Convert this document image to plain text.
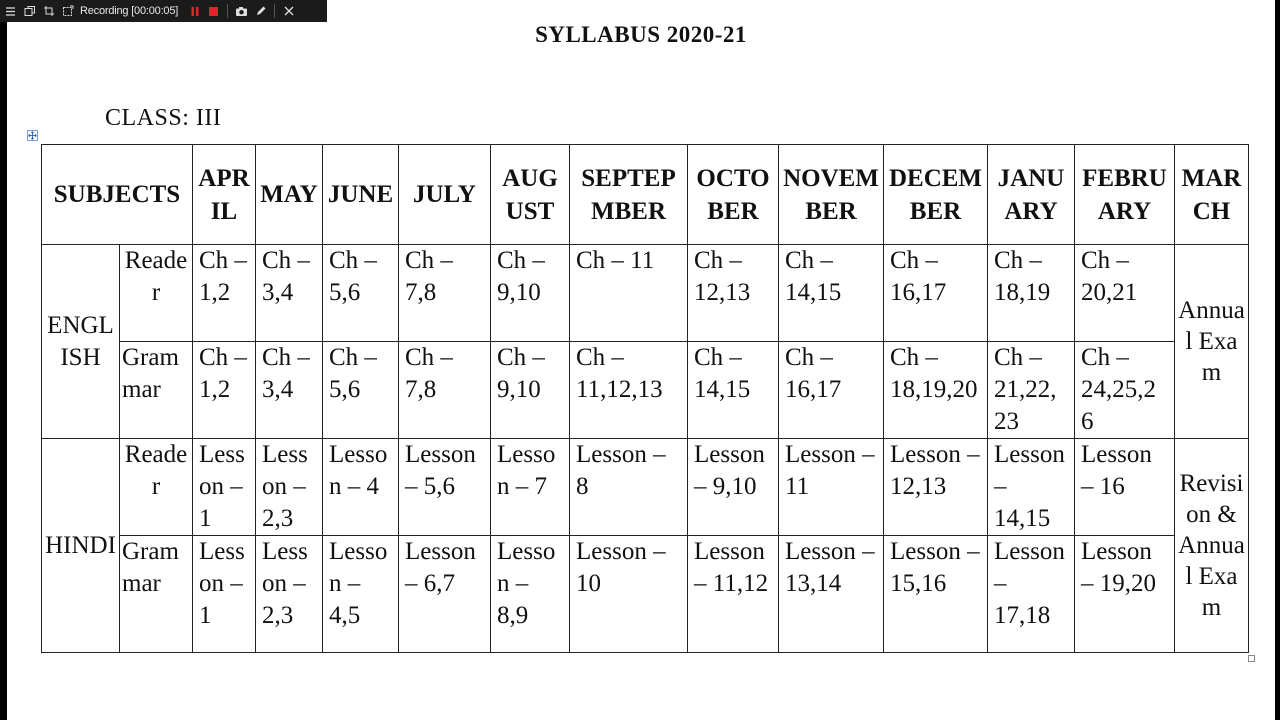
Recording [00:00:05]
SYLLABUS 2020-21
CLASS: III
SUBJECTS		APRIL	MAY	JUNE	JULY	AUGUST	SEPTEPMBER	OCTOBER	NOVEMBER	DECEMBER	JANUARY	FEBRUARY	MARCH
ENGLISH	Reader	Ch – 1,2	Ch – 3,4	Ch – 5,6	Ch – 7,8	Ch – 9,10	Ch – 11	Ch – 12,13	Ch – 14,15	Ch – 16,17	Ch – 18,19	Ch – 20,21	Annual Exam
	Grammar	Ch – 1,2	Ch – 3,4	Ch – 5,6	Ch – 7,8	Ch – 9,10	Ch – 11,12,13	Ch – 14,15	Ch – 16,17	Ch – 18,19,20	Ch – 21,22,23	Ch – 24,25,26	
HINDI	Reader	Lesson – 1	Lesson – 2,3	Lesson – 4	Lesson – 5,6	Lesson – 7	Lesson – 8	Lesson – 9,10	Lesson – 11	Lesson – 12,13	Lesson – 14,15	Lesson – 16	Revision & Annual Exam
	Grammar	Lesson – 1	Lesson – 2,3	Lesson – 4,5	Lesson – 6,7	Lesson – 8,9	Lesson – 10	Lesson – 11,12	Lesson – 13,14	Lesson – 15,16	Lesson – 17,18	Lesson – 19,20	
